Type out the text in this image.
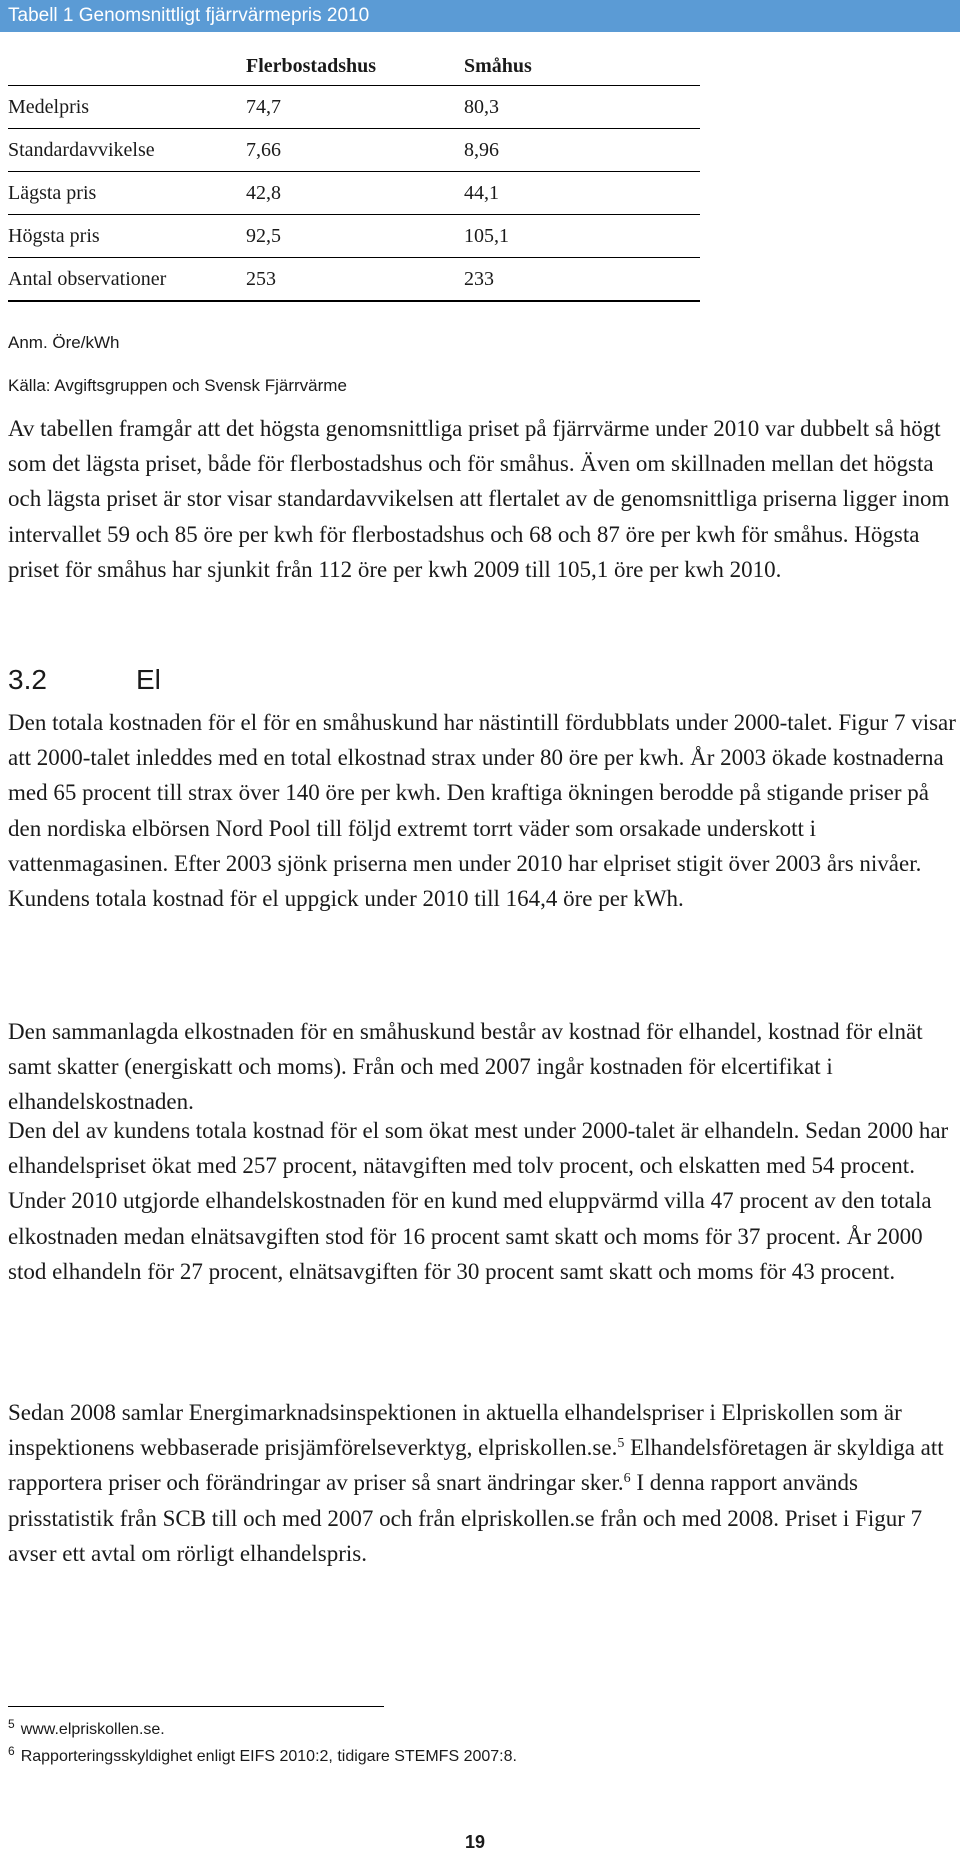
Tabell 1 Genomsnittligt fjärrvärmepris 2010
	Flerbostadshus	Småhus
Medelpris	74,7	80,3
Standardavvikelse	7,66	8,96
Lägsta pris	42,8	44,1
Högsta pris	92,5	105,1
Antal observationer	253	233
Anm. Öre/kWh
Källa: Avgiftsgruppen och Svensk Fjärrvärme

Av tabellen framgår att det högsta genomsnittliga priset på fjärrvärme under 2010 var dubbelt så högt som det lägsta priset, både för flerbostadshus och för småhus. Även om skillnaden mellan det högsta och lägsta priset är stor visar standardavvikelsen att flertalet av de genomsnittliga priserna ligger inom intervallet 59 och 85 öre per kwh för flerbostadshus och 68 och 87 öre per kwh för småhus. Högsta priset för småhus har sjunkit från 112 öre per kwh 2009 till 105,1 öre per kwh 2010.

3.2	El

Den totala kostnaden för el för en småhuskund har nästintill fördubblats under 2000-talet. Figur 7 visar att 2000-talet inleddes med en total elkostnad strax under 80 öre per kwh. År 2003 ökade kostnaderna med 65 procent till strax över 140 öre per kwh. Den kraftiga ökningen berodde på stigande priser på den nordiska elbörsen Nord Pool till följd extremt torrt väder som orsakade underskott i vattenmagasinen. Efter 2003 sjönk priserna men under 2010 har elpriset stigit över 2003 års nivåer. Kundens totala kostnad för el uppgick under 2010 till 164,4 öre per kWh.

Den sammanlagda elkostnaden för en småhuskund består av kostnad för elhandel, kostnad för elnät samt skatter (energiskatt och moms). Från och med 2007 ingår kostnaden för elcertifikat i elhandelskostnaden.

Den del av kundens totala kostnad för el som ökat mest under 2000-talet är elhandeln. Sedan 2000 har elhandelspriset ökat med 257 procent, nätavgiften med tolv procent, och elskatten med 54 procent. Under 2010 utgjorde elhandelskostnaden för en kund med eluppvärmd villa 47 procent av den totala elkostnaden medan elnätsavgiften stod för 16 procent samt skatt och moms för 37 procent. År 2000 stod elhandeln för 27 procent, elnätsavgiften för 30 procent samt skatt och moms för 43 procent.

Sedan 2008 samlar Energimarknadsinspektionen in aktuella elhandelspriser i Elpriskollen som är inspektionens webbaserade prisjämförelseverktyg, elpriskollen.se.$^5$ Elhandelsföretagen är skyldiga att rapportera priser och förändringar av priser så snart ändringar sker.$^6$ I denna rapport används prisstatistik från SCB till och med 2007 och från elpriskollen.se från och med 2008. Priset i Figur 7 avser ett avtal om rörligt elhandelspris.

$^5$ www.elpriskollen.se.
$^6$ Rapporteringsskyldighet enligt EIFS 2010:2, tidigare STEMFS 2007:8.
19
